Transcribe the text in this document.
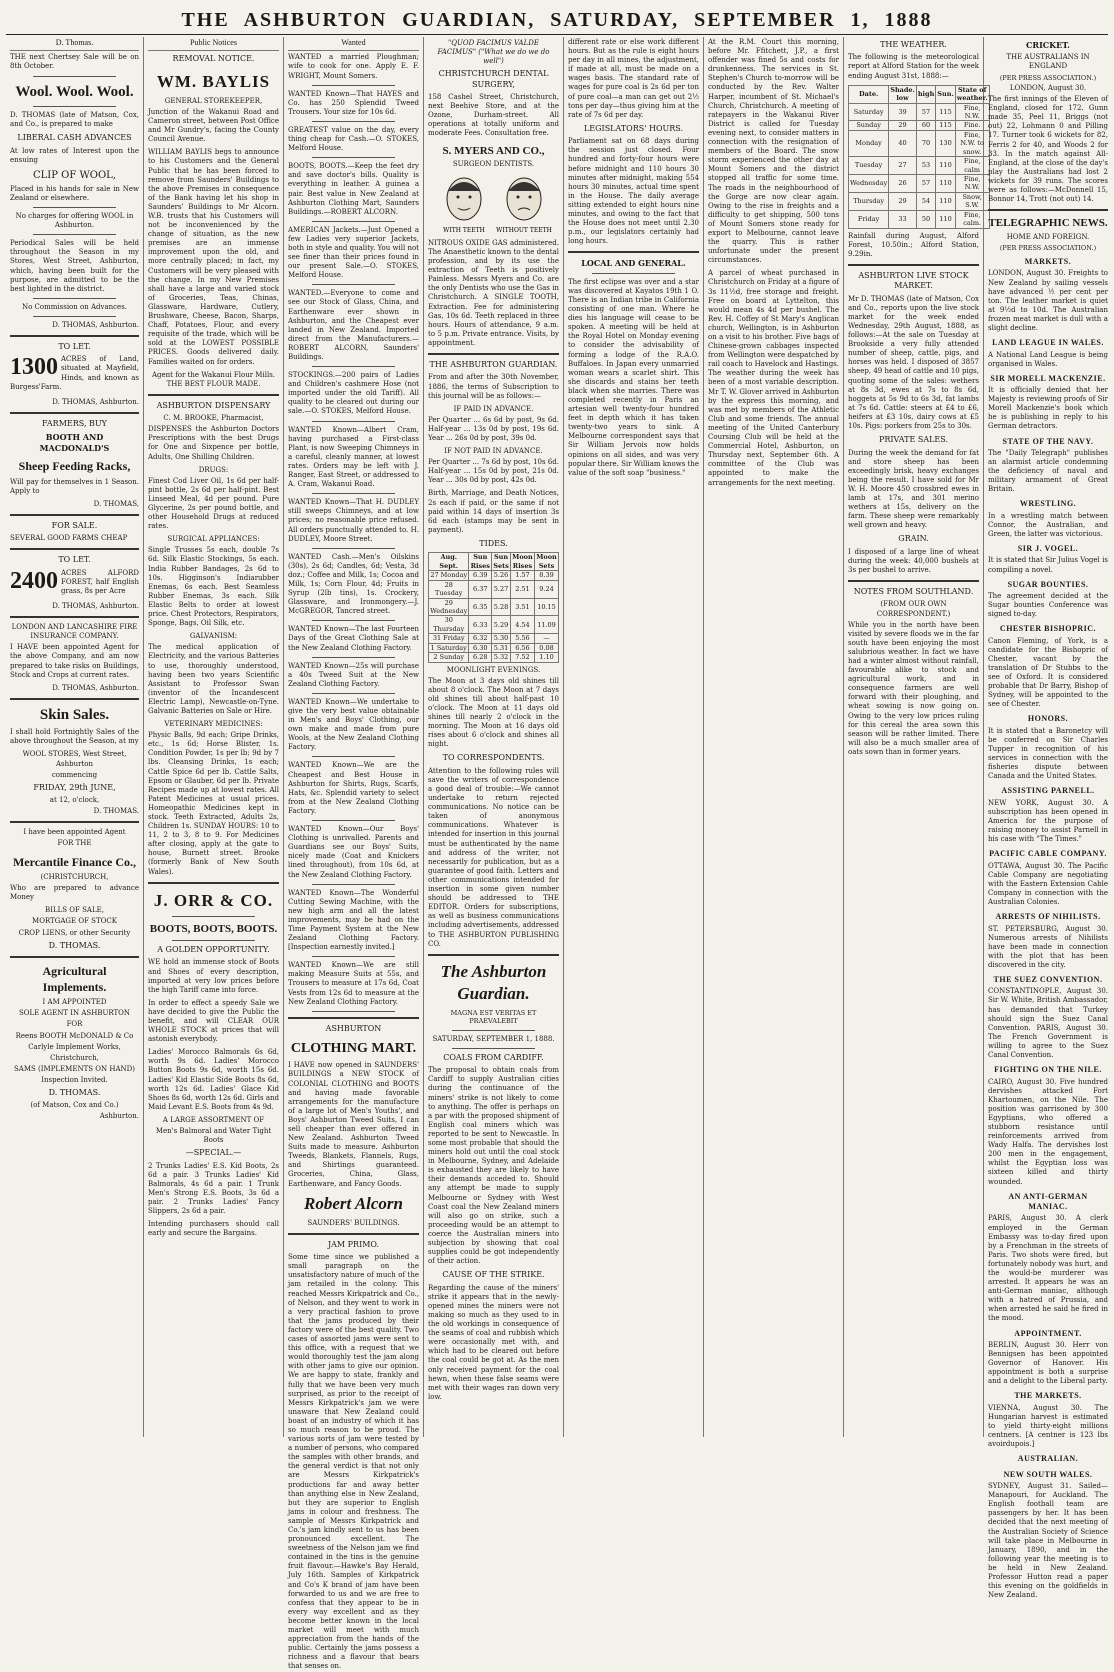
THE ASHBURTON GUARDIAN, SATURDAY, SEPTEMBER 1, 1888
D. Thomas.
THE next Chertsey Sale will be on 8th October.
Wool. Wool. Wool.
D. THOMAS (late of Matson, Cox, and Co., is prepared to make
LIBERAL CASH ADVANCES
At low rates of Interest upon the ensuing
CLIP OF WOOL,
Placed in his hands for sale in New Zealand or elsewhere.
No charges for offering WOOL in Ashburton.
Periodical Sales will be held throughout the Season in my Stores, West Street, Ashburton, which, having been built for the purpose, are admitted to be the best lighted in the district.
No Commission on Advances.
D. THOMAS, Ashburton.
TO LET.
1300 ACRES of Land, situated at Mayfield, Hinds, and known as Burgess'Farm.
D. THOMAS, Ashburton.
FARMERS, BUY
BOOTH AND MACDONALD'S
Sheep Feeding Racks,
Will pay for themselves in 1 Season. Apply to
D. THOMAS,
FOR SALE.
SEVERAL GOOD FARMS CHEAP
TO LET.
2400 ACRES ALFORD FOREST, half English grass, 8s per Acre
D. THOMAS, Ashburton.
LONDON AND LANCASHIRE FIRE INSURANCE COMPANY.
I HAVE been appointed Agent for the above Company, and am now prepared to take risks on Buildings, Stock and Crops at current rates.
D. THOMAS, Ashburton.
Skin Sales.
I shall hold Fortnightly Sales of the above throughout the Season, at my
WOOL STORES, West Street, Ashburton
commencing
FRIDAY, 29th JUNE,
at 12, o'clock,
D. THOMAS.
I have been appointed Agent
FOR THE
Mercantile Finance Co.,
(CHRISTCHURCH,
Who are prepared to advance Money
BILLS OF SALE,
MORTGAGE OF STOCK
CROP LIENS, or other Security
D. THOMAS.
Agricultural Implements.
I AM APPOINTED
SOLE AGENT IN ASHBURTON
FOR
Reens BOOTH McDONALD & Co
Carlyle Implement Works,
Christchurch,
SAMS (IMPLEMENTS ON HAND)
Inspection Invited.
D. THOMAS.
(of Matson, Cox and Co.)
Ashburton.
Public Notices
REMOVAL NOTICE.
WM. BAYLIS
GENERAL STOREKEEPER,
Junction of the Wakanui Road and Cameron street, between Post Office and Mr Gundry's, facing the County Council Avenue.
WILLIAM BAYLIS begs to announce to his Customers and the General Public that he has been forced to remove from Saunders' Buildings to the above Premises in consequence of the Bank having let his shop in Saunders' Buildings to Mr Alcorn. W.B. trusts that his Customers will not be inconvenienced by the change of situation, as the new premises are an immense improvement upon the old, and more centrally placed; in fact, my Customers will be very pleased with the change. In my New Premises shall have a large and varied stock of Groceries, Teas, Chinas, Glassware, Hardware, Cutlery, Brushware, Cheese, Bacon, Sharps, Chaff, Potatoes, Flour, and every requisite of the trade, which will be sold at the LOWEST POSSIBLE PRICES. Goods delivered daily. Families waited on for orders.
Agent for the Wakanui Flour Mills. THE BEST FLOUR MADE.
ASHBURTON DISPENSARY
C. M. BROOKE, Pharmacist,
DISPENSES the Ashburton Doctors Prescriptions with the best Drugs for One and Sixpence per bottle, Adults, One Shilling Children.
DRUGS:
Finest Cod Liver Oil, 1s 6d per half-pint bottle, 2s 6d per half-pint. Best Linseed Meal, 4d per pound. Pure Glycerine, 2s per pound bottle, and other Household Drugs at reduced rates.
SURGICAL APPLIANCES:
Single Trusses 5s each, double 7s 6d. Silk Elastic Stockings, 5s each. India Rubber Bandages, 2s 6d to 10s. Higginson's Indiarubber Enemas, 6s each. Best Seamless Rubber Enemas, 3s each. Silk Elastic Belts to order at lowest price. Chest Protectors, Respirators, Sponge, Bags, Oil Silk, etc.
GALVANISM:
The medical application of Electricity, and the various Batteries to use, thoroughly understood, having been two years Scientific Assistant to Professor Swan (inventor of the Incandescent Electric Lamp), Newcastle-on-Tyne. Galvanic Batteries on Sale or Hire.
VETERINARY MEDICINES:
Physic Balls, 9d each; Gripe Drinks, etc., 1s 6d; Horse Blister, 1s. Condition Powder, 1s per lb; 9d by 7 lbs. Cleansing Drinks, 1s each; Cattle Spice 6d per lb. Cattle Salts, Epsom or Glauber, 6d per lb. Private Recipes made up at lowest rates. All Patent Medicines at usual prices. Homeopathic Medicines kept in stock. Teeth Extracted, Adults 2s, Children 1s. SUNDAY HOURS: 10 to 11, 2 to 3, 8 to 9. For Medicines after closing, apply at the gate to house, Burnett street. Brooke (formerly Bank of New South Wales).
J. ORR & CO.
BOOTS, BOOTS, BOOTS.
A GOLDEN OPPORTUNITY.
WE hold an immense stock of Boots and Shoes of every description, imported at very low prices before the high Tariff came into force.
In order to effect a speedy Sale we have decided to give the Public the benefit, and will CLEAR OUR WHOLE STOCK at prices that will astonish everybody.
Ladies' Morocco Balmorals 6s 6d, worth 9s 6d. Ladies' Morocco Button Boots 9s 6d, worth 15s 6d. Ladies' Kid Elastic Side Boots 8s 6d, worth 12s 6d. Ladies' Glace Kid Shoes 8s 6d, worth 12s 6d. Girls and Maid Levant E.S. Boots from 4s 9d.
A LARGE ASSORTMENT OF
Men's Balmoral and Water Tight Boots
—SPECIAL.—
2 Trunks Ladies' E.S. Kid Boots, 2s 6d a pair. 3 Trunks Ladies' Kid Balmorals, 4s 6d a pair. 1 Trunk Men's Strong E.S. Boots, 3s 6d a pair. 2 Trunks Ladies' Fancy Slippers, 2s 6d a pair.
Intending purchasers should call early and secure the Bargains.
Wanted
WANTED a married Ploughman; wife to cook for one. Apply E. F. WRIGHT, Mount Somers.
WANTED Known—That HAYES and Co. has 250 Splendid Tweed Trousers. Your size for 10s 6d.
GREATEST value on the day, every thing cheap for Cash.—O. STOKES, Melford House.
BOOTS, BOOTS.—Keep the feet dry and save doctor's bills. Quality is everything in leather. A guinea a pair. Best value in New Zealand at Ashburton Clothing Mart, Saunders Buildings.—ROBERT ALCORN.
AMERICAN Jackets.—Just Opened a few Ladies very superior Jackets, both in style and quality. You will not see finer than their prices found in our present Sale.—O. STOKES, Melford House.
WANTED.—Everyone to come and see our Stock of Glass, China, and Earthenware ever shown in Ashburton, and the Cheapest ever landed in New Zealand. Imported direct from the Manufacturers.—ROBERT ALCORN, Saunders' Buildings.
STOCKINGS.—200 pairs of Ladies and Children's cashmere Hose (not imported under the old Tariff). All quality to be cleared out during our sale.—O. STOKES, Melford House.
WANTED Known—Albert Cram, having purchased a First-class Plant, is now Sweeping Chimneys in a careful, cleanly manner, at lowest rates. Orders may be left with J. Ranger, East Street, or addressed to A. Cram, Wakanui Road.
WANTED Known—That H. DUDLEY still sweeps Chimneys, and at low prices; no reasonable price refused. All orders punctually attended to. H. DUDLEY, Moore Street.
WANTED Cash.—Men's Oilskins (30s), 2s 6d; Candles, 6d; Vesta, 3d doz.; Coffee and Milk, 1s; Cocoa and Milk, 1s; Corn Flour, 4d; Fruits in Syrup (2lb tins), 1s. Crockery, Glassware, and Ironmongery.—J. McGREGOR, Tancred street.
WANTED Known—The last Fourteen Days of the Great Clothing Sale at the New Zealand Clothing Factory.
WANTED Known—25s will purchase a 40s Tweed Suit at the New Zealand Clothing Factory.
WANTED Known—We undertake to give the very best value obtainable in Men's and Boys' Clothing, our own make and made from pure Wools, at the New Zealand Clothing Factory.
WANTED Known—We are the Cheapest and Best House in Ashburton for Shirts, Rugs, Scarfs, Hats, &c. Splendid variety to select from at the New Zealand Clothing Factory.
WANTED Known—Our Boys' Clothing is unrivalled. Parents and Guardians see our Boys' Suits, nicely made (Coat and Knickers lined throughout), from 10s 6d, at the New Zealand Clothing Factory.
WANTED Known—The Wonderful Cutting Sewing Machine, with the new high arm and all the latest improvements, may be had on the Time Payment System at the New Zealand Clothing Factory. [Inspection earnestly invited.]
WANTED Known—We are still making Measure Suits at 55s, and Trousers to measure at 17s 6d, Coat Vests from 12s 6d to measure at the New Zealand Clothing Factory.
ASHBURTON
CLOTHING MART.
I HAVE now opened in SAUNDERS' BUILDINGS a NEW STOCK of COLONIAL CLOTHING and BOOTS and having made favorable arrangements for the manufacture of a large lot of Men's Youths', and Boys' Ashburton Tweed Suits, I can sell cheaper than ever offered in New Zealand. Ashburton Tweed Suits made to measure. Ashburton Tweeds, Blankets, Flannels, Rugs, and Shirtings guaranteed. Groceries, China, Glass, Earthenware, and Fancy Goods.
Robert Alcorn
SAUNDERS' BUILDINGS.
JAM PRIMO.
Some time since we published a small paragraph on the unsatisfactory nature of much of the jam retailed in the colony. This reached Messrs Kirkpatrick and Co., of Nelson, and they went to work in a very practical fashion to prove that the jams produced by their factory were of the best quality. Two cases of assorted jams were sent to this office, with a request that we would thoroughly test the jam along with other jams to give our opinion. We are happy to state, frankly and fully that we have been very much surprised, as prior to the receipt of Messrs Kirkpatrick's jam we were unaware that New Zealand could boast of an industry of which it has so much reason to be proud. The various sorts of jam were tested by a number of persons, who compared the samples with other brands, and the general verdict is that not only are Messrs Kirkpatrick's productions far and away better than anything else in New Zealand, but they are superior to English jams in colour and freshness. The sample of Messrs Kirkpatrick and Co.'s jam kindly sent to us has been pronounced excellent. The sweetness of the Nelson jam we find contained in the tins is the genuine fruit flavour.—Hawke's Bay Herald, July 16th. Samples of Kirkpatrick and Co's K brand of jam have been forwarded to us and we are free to confess that they appear to be in every way excellent and as they become better known in the local market will meet with much appreciation from the hands of the public. Certainly the jams possess a richness and a flavour that bears that senses on.
"QUOD FACIMUS VALDE FACIMUS" ("What we do we do well")
CHRISTCHURCH DENTAL SURGERY,
158 Cashel Street, Christchurch, next Beehive Store, and at the Ozone, Durham-street. All operations at totally uniform and moderate Fees. Consultation free.
S. MYERS AND CO.,
SURGEON DENTISTS.
WITH TEETH WITHOUT TEETH
NITROUS OXIDE GAS administered. The Anaesthetic known to the dental profession, and by its use the extraction of Teeth is positively Painless. Messrs Myers and Co. are the only Dentists who use the Gas in Christchurch. A SINGLE TOOTH, Extraction. Fee for administering Gas, 10s 6d. Teeth replaced in three hours. Hours of attendance, 9 a.m. to 5 p.m. Private entrance. Visits, by appointment.
THE ASHBURTON GUARDIAN.
From and after the 30th November, 1886, the terms of Subscription to this journal will be as follows:—
IF PAID IN ADVANCE.
Per Quarter ... 6s 6d by post, 9s 6d. Half-year ... 13s 0d by post, 19s 6d. Year ... 26s 0d by post, 39s 0d.
IF NOT PAID IN ADVANCE.
Per Quarter ... 7s 6d by post, 10s 6d. Half-year ... 15s 0d by post, 21s 0d. Year ... 30s 0d by post, 42s 0d.
Birth, Marriage, and Death Notices, 2s each if paid, or the same if not paid within 14 days of insertion 3s 6d each (stamps may be sent in payment).
TIDES.
Aug. Sept.	Sun Rises	Sun Sets	Moon Rises	Moon Sets
27 Monday	6.39	5.26	1.57	8.39
28 Tuesday	6.37	5.27	2.51	9.24
29 Wednesday	6.35	5.28	3.51	10.15
30 Thursday	6.33	5.29	4.54	11.09
31 Friday	6.32	5.30	5.56	—
1 Saturday	6.30	5.31	6.56	0.08
2 Sunday	6.28	5.32	7.52	1.10
MOONLIGHT EVENINGS.
The Moon at 3 days old shines till about 8 o'clock. The Moon at 7 days old shines till about half-past 10 o'clock. The Moon at 11 days old shines till nearly 2 o'clock in the morning. The Moon at 16 days old rises about 6 o'clock and shines all night.
TO CORRESPONDENTS.
Attention to the following rules will save the writers of correspondence a good deal of trouble:—We cannot undertake to return rejected communications. No notice can be taken of anonymous communications. Whatever is intended for insertion in this journal must be authenticated by the name and address of the writer, not necessarily for publication, but as a guarantee of good faith. Letters and other communications intended for insertion in some given number should be addressed to THE EDITOR. Orders for subscriptions, as well as business communications including advertisements, addressed to THE ASHBURTON PUBLISHING CO.
The Ashburton Guardian.
MAGNA EST VERITAS ET PRAEVALEBIT
SATURDAY, SEPTEMBER 1, 1888.
COALS FROM CARDIFF.
The proposal to obtain coals from Cardiff to supply Australian cities during the continuance of the miners' strike is not likely to come to anything. The offer is perhaps on a par with the proposed shipment of English coal miners which was reported to be sent to Newcastle. In some most probable that should the miners hold out until the coal stock in Melbourne, Sydney, and Adelaide is exhausted they are likely to have their demands acceded to. Should any attempt be made to supply Melbourne or Sydney with West Coast coal the New Zealand miners will also go on strike, such a proceeding would be an attempt to coerce the Australian miners into subjection by showing that coal supplies could be got independently of their action.
CAUSE OF THE STRIKE.
Regarding the cause of the miners' strike it appears that in the newly-opened mines the miners were not making so much as they used to in the old workings in consequence of the seams of coal and rubbish which were occasionally met with, and which had to be cleared out before the coal could be got at. As the men only received payment for the coal hewn, when these false seams were met with their wages ran down very low.
different rate or else work different hours. But as the rule is eight hours per day in all mines, the adjustment, if made at all, must be made on a wages basis. The standard rate of wages for pure coal is 2s 6d per ton of pure coal—a man can get out 2½ tons per day—thus giving him at the rate of 7s 6d per day.
LEGISLATORS' HOURS.
Parliament sat on 68 days during the session just closed. Four hundred and forty-four hours were before midnight and 110 hours 30 minutes after midnight, making 554 hours 30 minutes, actual time spent in the House. The daily average sitting extended to eight hours nine minutes, and owing to the fact that the House does not meet until 2.30 p.m., our legislators certainly had long hours.
LOCAL AND GENERAL.
The first eclipse was over and a star was discovered at Kayatos 19th 1 O. There is an Indian tribe in California consisting of one man. Where he dies his language will cease to be spoken. A meeting will be held at the Royal Hotel on Monday evening to consider the advisability of forming a lodge of the R.A.O. Buffaloes. In Japan every unmarried woman wears a scarlet shirt. This she discards and stains her teeth black when she marries. There was completed recently in Paris an artesian well twenty-four hundred feet in depth which it has taken twenty-two years to sink. A Melbourne correspondent says that Sir William Jervois now holds opinions on all sides, and was very popular there. Sir William knows the value of the soft soap "business."
At the R.M. Court this morning, before Mr. Ffitchett, J.P., a first offender was fined 5s and costs for drunkenness. The services in St. Stephen's Church to-morrow will be conducted by the Rev. Walter Harper, incumbent of St. Michael's Church, Christchurch. A meeting of ratepayers in the Wakanui River District is called for Tuesday evening next, to consider matters in connection with the resignation of members of the Board. The snow storm experienced the other day at Mount Somers and the district stopped all traffic for some time. The roads in the neighbourhood of the Gorge are now clear again. Owing to the rise in freights and a difficulty to get shipping, 500 tons of Mount Somers stone ready for export to Melbourne, cannot leave the quarry. This is rather unfortunate under the present circumstances.
A parcel of wheat purchased in Christchurch on Friday at a figure of 3s 11½d, free storage and freight. Free on board at Lyttelton, this would mean 4s 4d per bushel. The Rev. H. Coffey of St Mary's Anglican church, Wellington, is in Ashburton on a visit to his brother. Five bags of Chinese-grown cabbages inspected from Wellington were despatched by rail coach to Havelock and Hastings. The weather during the week has been of a most variable description. Mr T. W. Glover arrived in Ashburton by the express this morning, and was met by members of the Athletic Club and some friends. The annual meeting of the United Canterbury Coursing Club will be held at the Commercial Hotel, Ashburton, on Thursday next, September 6th. A committee of the Club was appointed to make the arrangements for the next meeting.
THE WEATHER.
The following is the meteorological report at Alford Station for the week ending August 31st, 1888:—
Date.	Shade. low	high	Sun.	State of weather.
Saturday	39	57	115	Fine, N.W.
Sunday	29	60	115	Fine.
Monday	40	70	130	Fine, N.W. to snow.
Tuesday	27	53	110	Fine, calm
Wednesday	26	57	110	Fine, N.W.
Thursday	29	54	110	Snow, S.W.
Friday	33	50	110	Fine, calm.
Rainfall during August, Alford Forest, 10.50in.; Alford Station, 9.29in.
ASHBURTON LIVE STOCK MARKET.
Mr D. THOMAS (late of Matson, Cox and Co., reports upon the live stock market for the week ended Wednesday, 29th August, 1888, as follows:—At the sale on Tuesday at Brookside a very fully attended number of sheep, cattle, pigs, and horses was held. I disposed of 3857 sheep, 49 head of cattle and 10 pigs, quoting some of the sales: wethers at 8s 3d, ewes at 7s to 8s 6d, hoggets at 5s 9d to 6s 3d, fat lambs at 7s 6d. Cattle: steers at £4 to £6, heifers at £3 10s, dairy cows at £5 10s. Pigs: porkers from 25s to 30s.
PRIVATE SALES.
During the week the demand for fat and store sheep has been exceedingly brisk, heavy exchanges being the result. I have sold for Mr W. H. Moore 450 crossbred ewes in lamb at 17s, and 301 merino wethers at 15s, delivery on the farm. These sheep were remarkably well grown and heavy.
GRAIN.
I disposed of a large line of wheat during the week: 40,000 bushels at 3s per bushel to arrive.
NOTES FROM SOUTHLAND.
(FROM OUR OWN CORRESPONDENT.)
While you in the north have been visited by severe floods we in the far south have been enjoying the most salubrious weather. In fact we have had a winter almost without rainfall, favourable alike to stock and agricultural work, and in consequence farmers are well forward with their ploughing, and wheat sowing is now going on. Owing to the very low prices ruling for this cereal the area sown this season will be rather limited. There will also be a much smaller area of oats sown than in former years.
CRICKET.
THE AUSTRALIANS IN ENGLAND
(PER PRESS ASSOCIATION.)
LONDON, August 30.
The first innings of the Eleven of England, closed for 172. Gunn made 35, Peel 11, Briggs (not out) 22, Lohmann 0 and Pilling 17. Turner took 6 wickets for 82, Ferris 2 for 40, and Woods 2 for 33. In the match against All-England, at the close of the day's play the Australians had lost 2 wickets for 39 runs. The scores were as follows:—McDonnell 15, Bonnor 14, Trott (not out) 14.
TELEGRAPHIC NEWS.
HOME AND FOREIGN.
(PER PRESS ASSOCIATION.)
MARKETS.
LONDON, August 30. Freights to New Zealand by sailing vessels have advanced ½ per cent per ton. The leather market is quiet at 9½d to 10d. The Australian frozen meat market is dull with a slight decline.
LAND LEAGUE IN WALES.
A National Land League is being organised in Wales.
SIR MORELL MACKENZIE.
It is officially denied that her Majesty is reviewing proofs of Sir Morell Mackenzie's book which he is publishing in reply to his German detractors.
STATE OF THE NAVY.
The "Daily Telegraph" publishes an alarmist article condemning the deficiency of naval and military armament of Great Britain.
WRESTLING.
In a wrestling match between Connor, the Australian, and Green, the latter was victorious.
SIR J. VOGEL.
It is stated that Sir Julius Vogel is compiling a novel.
SUGAR BOUNTIES.
The agreement decided at the Sugar bounties Conference was signed to-day.
CHESTER BISHOPRIC.
Canon Fleming, of York, is a candidate for the Bishopric of Chester, vacant by the translation of Dr Stubbs to the see of Oxford. It is considered probable that Dr Barry, Bishop of Sydney, will be appointed to the see of Chester.
HONORS.
It is stated that a Baronetcy will be conferred on Sir Charles Tupper in recognition of his services in connection with the fisheries dispute between Canada and the United States.
ASSISTING PARNELL.
NEW YORK, August 30. A subscription has been opened in America for the purpose of raising money to assist Parnell in his case with "The Times."
PACIFIC CABLE COMPANY.
OTTAWA, August 30. The Pacific Cable Company are negotiating with the Eastern Extension Cable Company in connection with the Australian Colonies.
ARRESTS OF NIHILISTS.
ST. PETERSBURG, August 30. Numerous arrests of Nihilists have been made in connection with the plot that has been discovered in the city.
THE SUEZ CONVENTION.
CONSTANTINOPLE, August 30. Sir W. White, British Ambassador, has demanded that Turkey should sign the Suez Canal Convention. PARIS, August 30. The French Government is willing to agree to the Suez Canal Convention.
FIGHTING ON THE NILE.
CAIRO, August 30. Five hundred dervishes attacked Fort Khartoumen, on the Nile. The position was garrisoned by 300 Egyptians, who offered a stubborn resistance until reinforcements arrived from Wady Halfa. The dervishes lost 200 men in the engagement, whilst the Egyptian loss was sixteen killed and thirty wounded.
AN ANTI-GERMAN MANIAC.
PARIS, August 30. A clerk employed in the German Embassy was to-day fired upon by a Frenchman in the streets of Paris. Two shots were fired, but fortunately nobody was hurt, and the would-be murderer was arrested. It appears he was an anti-German maniac, although with a hatred of Prussia, and when arrested he said he fired in the mood.
APPOINTMENT.
BERLIN, August 30. Herr von Bennigsen has been appointed Governor of Hanover. His appointment is both a surprise and a delight to the Liberal party.
THE MARKETS.
VIENNA, August 30. The Hungarian harvest is estimated to yield thirty-eight millions centners. [A centner is 123 lbs avoirdupois.]
AUSTRALIAN.
NEW SOUTH WALES.
SYDNEY, August 31. Sailed—Manapouri, for Auckland. The English football team are passengers by her. It has been decided that the next meeting of the Australian Society of Science will take place in Melbourne in January, 1890, and in the following year the meeting is to be held in New Zealand. Professor Hutton read a paper this evening on the goldfields in New Zealand.
